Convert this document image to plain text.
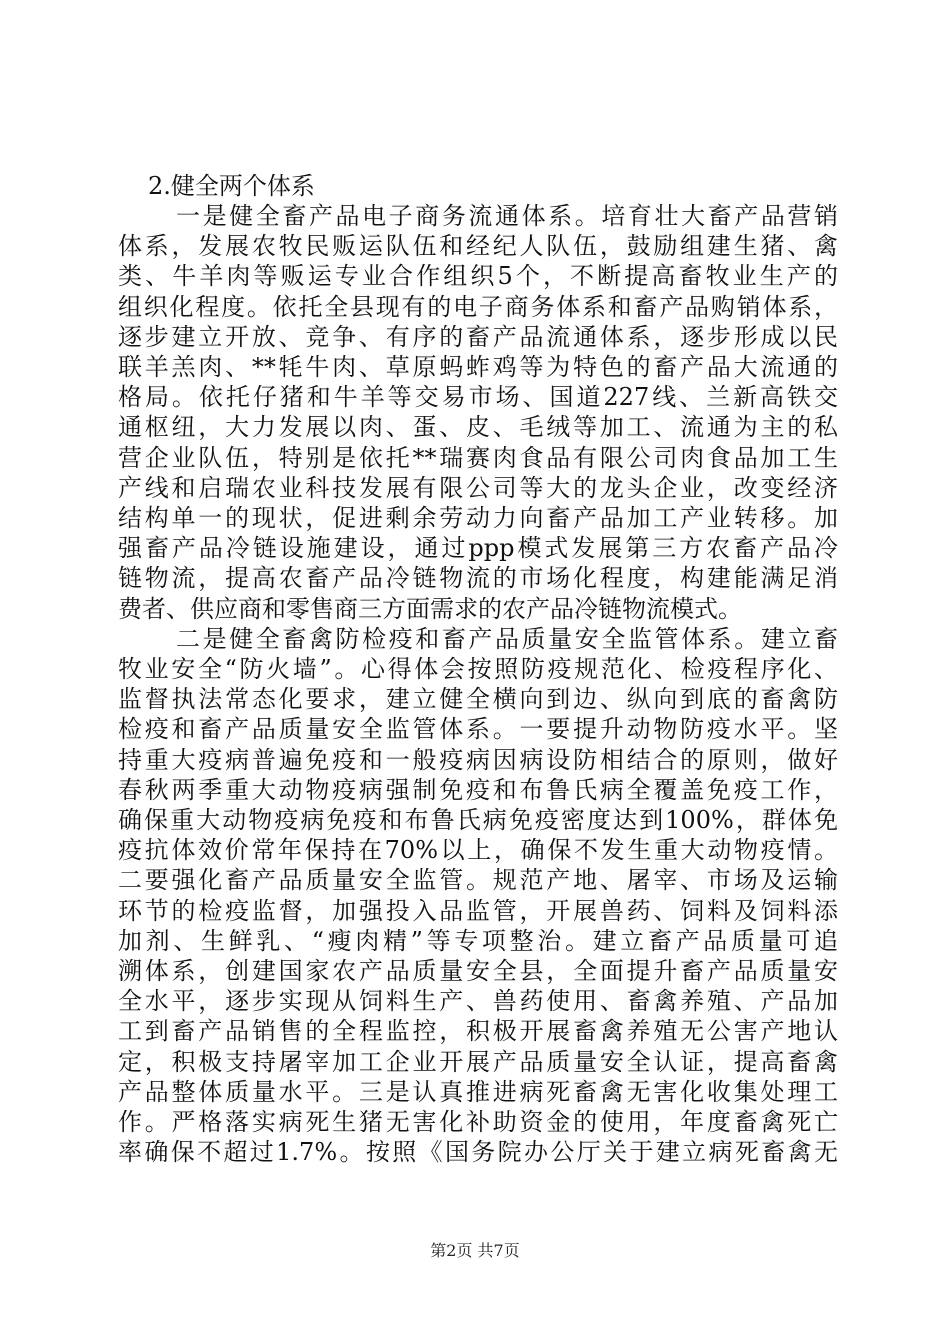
2.健全两个体系
一是健全畜产品电子商务流通体系。培育壮大畜产品营销
体系，发展农牧民贩运队伍和经纪人队伍，鼓励组建生猪、禽
类、牛羊肉等贩运专业合作组织5个，不断提高畜牧业生产的
组织化程度。依托全县现有的电子商务体系和畜产品购销体系，
逐步建立开放、竞争、有序的畜产品流通体系，逐步形成以民
联羊羔肉、**牦牛肉、草原蚂蚱鸡等为特色的畜产品大流通的
格局。依托仔猪和牛羊等交易市场、国道227线、兰新高铁交
通枢纽，大力发展以肉、蛋、皮、毛绒等加工、流通为主的私
营企业队伍，特别是依托**瑞赛肉食品有限公司肉食品加工生
产线和启瑞农业科技发展有限公司等大的龙头企业，改变经济
结构单一的现状，促进剩余劳动力向畜产品加工产业转移。加
强畜产品冷链设施建设，通过ppp模式发展第三方农畜产品冷
链物流，提高农畜产品冷链物流的市场化程度，构建能满足消
费者、供应商和零售商三方面需求的农产品冷链物流模式。
二是健全畜禽防检疫和畜产品质量安全监管体系。建立畜
牧业安全“防火墙”。心得体会按照防疫规范化、检疫程序化、
监督执法常态化要求，建立健全横向到边、纵向到底的畜禽防
检疫和畜产品质量安全监管体系。一要提升动物防疫水平。坚
持重大疫病普遍免疫和一般疫病因病设防相结合的原则，做好
春秋两季重大动物疫病强制免疫和布鲁氏病全覆盖免疫工作，
确保重大动物疫病免疫和布鲁氏病免疫密度达到100%，群体免
疫抗体效价常年保持在70%以上，确保不发生重大动物疫情。
二要强化畜产品质量安全监管。规范产地、屠宰、市场及运输
环节的检疫监督，加强投入品监管，开展兽药、饲料及饲料添
加剂、生鲜乳、“瘦肉精”等专项整治。建立畜产品质量可追
溯体系，创建国家农产品质量安全县，全面提升畜产品质量安
全水平，逐步实现从饲料生产、兽药使用、畜禽养殖、产品加
工到畜产品销售的全程监控，积极开展畜禽养殖无公害产地认
定，积极支持屠宰加工企业开展产品质量安全认证，提高畜禽
产品整体质量水平。三是认真推进病死畜禽无害化收集处理工
作。严格落实病死生猪无害化补助资金的使用，年度畜禽死亡
率确保不超过1.7%。按照《国务院办公厅关于建立病死畜禽无
第2页 共7页
